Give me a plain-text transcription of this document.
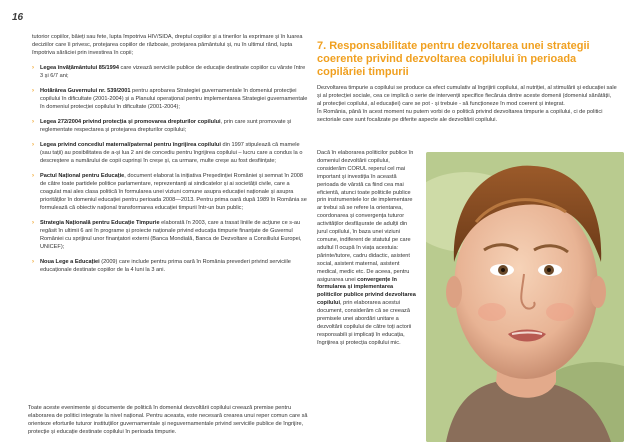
16

tutorior copiilor, băieți sau fete, lupta împotriva HIV/SIDA, dreptul copiilor și a tinerilor la exprimare și în luarea deciziilor care îi privesc, protejarea copiilor de războaie, protejarea pământului și, nu în ultimul rând, lupta împotriva sărăciei prin investirea în copii;

› Legea învățământului 85/1994 care vizează serviciile publice de educație destinate copiilor cu vârste între 3 și 6/7 ani;

› Hotărârea Guvernului nr. 539/2001 pentru aprobarea Strategiei guvernamentale în domeniul protecției copilului în dificultate (2001-2004) și a Planului operațional pentru implementarea Strategiei guvernamentale în domeniul protecției copilului în dificultate (2001-2004);

› Legea 272/2004 privind protecția și promovarea drepturilor copilului, prin care sunt promovate și reglementate respectarea și protejarea drepturilor copilului;

› Legea privind concediul maternal/paternal pentru îngrijirea copilului din 1997 stipulează că mamele (sau tații) au posibilitatea de a-și lua 2 ani de concediu pentru îngrijirea copilului – lucru care a condus la o descreștere a numărului de copii cuprinși în creșe și, ca urmare, multe creșe au fost desființate;

› Pactul Național pentru Educație, document elaborat la inițiativa Președinției României și semnat în 2008 de către toate partidele politice parlamentare, reprezentanți ai sindicatelor și ai societății civile, care a coagulat mai ales clasa politică în formularea unei viziuni comune asupra educației naționale și asupra priorităților în domeniul educației pentru perioada 2008—2013. Pentru prima oară după 1989 în România se formulează că obiectiv național transformarea educației timpurii într-un bun public;

› Strategia Națională pentru Educație Timpurie elaborată în 2003, care a trasat liniile de acțiune ce s-au regăsit în ultimii 6 ani în programe și proiecte naționale privind educația timpurie finanțate de Guvernul României cu sprijinul unor finanțatori externi (Banca Mondială, Banca de Dezvoltare a Consiliului Europei, UNICEF);

› Noua Lege a Educației (2009) care include pentru prima oară în România prevederi privind serviciile educaționale destinate copiilor de la 4 luni la 3 ani.

Toate aceste evenimente și documente de politică în domeniul dezvoltării copilului creează premise pentru elaborarea de politici integrate la nivel național. Pentru aceasta, este necesară crearea unui reper comun care să orienteze eforturile tuturor instituțiilor guvernamentale și neguvernamentale privind serviciile publice de îngrijire, protecție și educație destinate copilului în perioada timpurie.

7. Responsabilitate pentru dezvoltarea unei strategii coerente privind dezvoltarea copilului în perioada copilăriei timpurii

Dezvoltarea timpurie a copilului se produce ca efect cumulativ al îngrijirii copilului, al nutriției, al stimulării și educației sale și al protecției sociale, cea ce implică o serie de intervenții specifice fiecăruia dintre aceste domenii (domeniul sănătății, al protecției copilului, al educației) care se pot - și trebuie - să funcționeze în mod coerent și integrat.

În România, până în acest moment nu putem vorbi de o politică privind dezvoltarea timpurie a copilului, ci de politici sectoriale care sunt focalizate pe diferite aspecte ale dezvoltării copilului.

Dacă în elaborarea politicilor publice în domeniul dezvoltării copilului, considerăm CORUL reperul cel mai important și investiția în această perioada de vârstă ca fiind cea mai eficientă, atunci toate politicile publice prin instrumentele lor de implementare ar trebui să se refere la orientarea, coordonarea și convergența tuturor activităților desfășurate de adulții din jurul copilului, în baza unei viziuni comune, indiferent de statutul pe care adultul îl ocupă în viața acestuia: părinte/tutore, cadru didactic, asistent social, asistent maternal, asistent medical, medic etc. De aceea, pentru asigurarea unei convergențe în formularea și implementarea politicilor publice privind dezvoltarea copilului, prin elaborarea acestui document, considerăm că se creează premisele unei abordări unitare a dezvoltării copilului de către toți actorii responsabili și implicați în educația, îngrijirea și protecția copilului mic.
